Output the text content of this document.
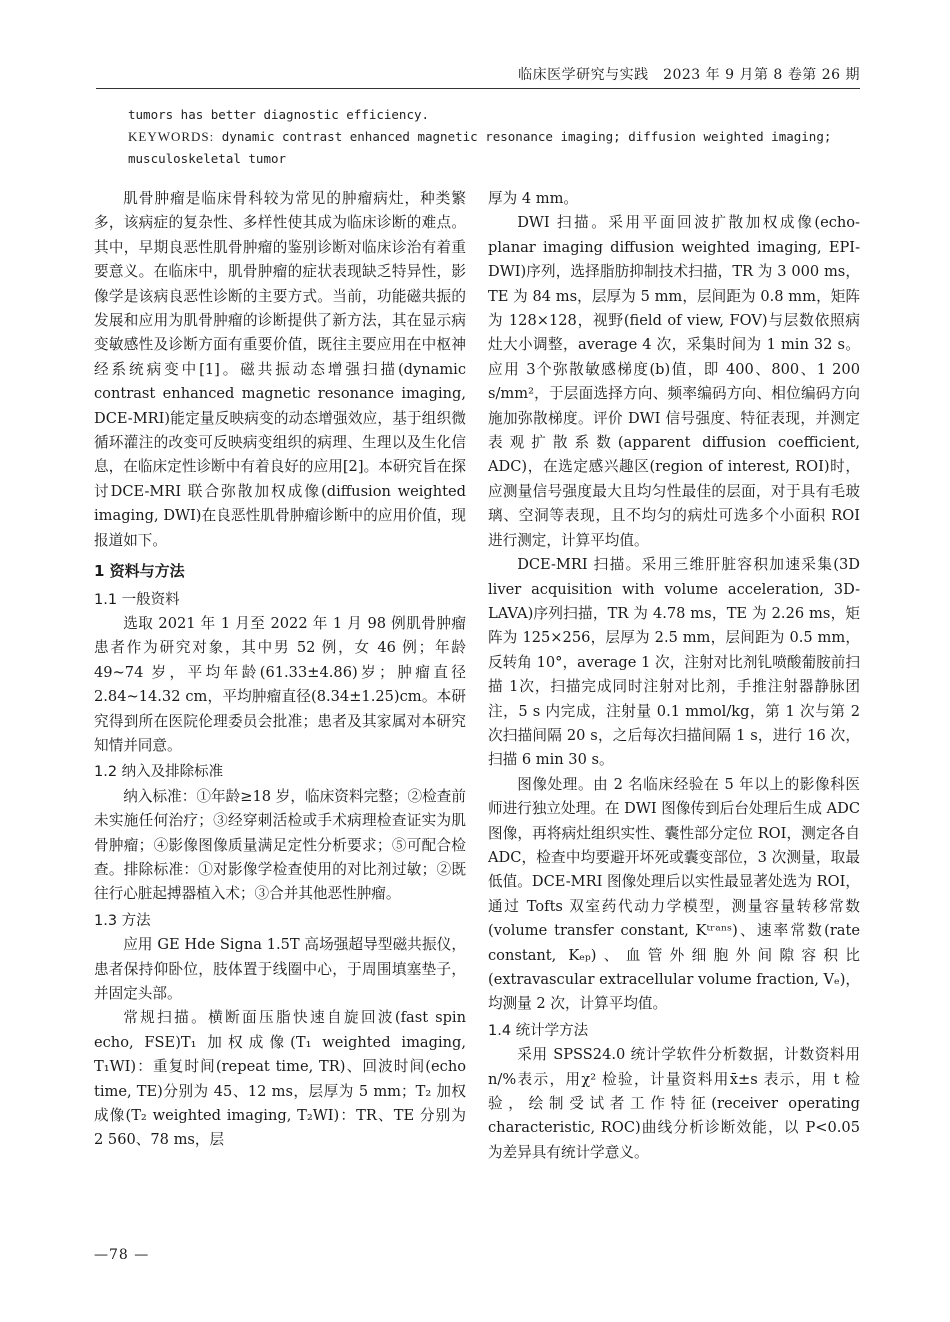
临床医学研究与实践　2023 年 9 月第 8 卷第 26 期

tumors has better diagnostic efficiency.

KEYWORDS: dynamic contrast enhanced magnetic resonance imaging; diffusion weighted imaging; musculoskeletal tumor

肌骨肿瘤是临床骨科较为常见的肿瘤病灶，种类繁多，该病症的复杂性、多样性使其成为临床诊断的难点。其中，早期良恶性肌骨肿瘤的鉴别诊断对临床诊治有着重要意义。在临床中，肌骨肿瘤的症状表现缺乏特异性，影像学是该病良恶性诊断的主要方式。当前，功能磁共振的发展和应用为肌骨肿瘤的诊断提供了新方法，其在显示病变敏感性及诊断方面有重要价值，既往主要应用在中枢神经系统病变中[1]。磁共振动态增强扫描(dynamic contrast enhanced magnetic resonance imaging, DCE-MRI)能定量反映病变的动态增强效应，基于组织微循环灌注的改变可反映病变组织的病理、生理以及生化信息，在临床定性诊断中有着良好的应用[2]。本研究旨在探讨DCE-MRI 联合弥散加权成像(diffusion weighted imaging, DWI)在良恶性肌骨肿瘤诊断中的应用价值，现报道如下。

1 资料与方法
1.1 一般资料

选取 2021 年 1 月至 2022 年 1 月 98 例肌骨肿瘤患者作为研究对象，其中男 52 例，女 46 例；年龄 49~74 岁，平均年龄(61.33±4.86)岁；肿瘤直径 2.84~14.32 cm，平均肿瘤直径(8.34±1.25)cm。本研究得到所在医院伦理委员会批准；患者及其家属对本研究知情并同意。

1.2 纳入及排除标准

纳入标准：①年龄≥18 岁，临床资料完整；②检查前未实施任何治疗；③经穿刺活检或手术病理检查证实为肌骨肿瘤；④影像图像质量满足定性分析要求；⑤可配合检查。排除标准：①对影像学检查使用的对比剂过敏；②既往行心脏起搏器植入术；③合并其他恶性肿瘤。

1.3 方法

应用 GE Hde Signa 1.5T 高场强超导型磁共振仪，患者保持仰卧位，肢体置于线圈中心，于周围填塞垫子，并固定头部。

常规扫描。横断面压脂快速自旋回波(fast spin echo, FSE)T₁ 加权成像(T₁ weighted imaging, T₁WI)：重复时间(repeat time, TR)、回波时间(echo time, TE)分别为 45、12 ms，层厚为 5 mm；T₂ 加权成像(T₂ weighted imaging, T₂WI)：TR、TE 分别为 2 560、78 ms，层

厚为 4 mm。

DWI 扫描。采用平面回波扩散加权成像(echo-planar imaging diffusion weighted imaging, EPI-DWI)序列，选择脂肪抑制技术扫描，TR 为 3 000 ms，TE 为 84 ms，层厚为 5 mm，层间距为 0.8 mm，矩阵为 128×128，视野(field of view, FOV)与层数依照病灶大小调整，average 4 次，采集时间为 1 min 32 s。应用 3个弥散敏感梯度(b)值，即 400、800、1 200 s/mm²，于层面选择方向、频率编码方向、相位编码方向施加弥散梯度。评价 DWI 信号强度、特征表现，并测定表观扩散系数(apparent diffusion coefficient, ADC)，在选定感兴趣区(region of interest, ROI)时，应测量信号强度最大且均匀性最佳的层面，对于具有毛玻璃、空洞等表现，且不均匀的病灶可选多个小面积 ROI 进行测定，计算平均值。

DCE-MRI 扫描。采用三维肝脏容积加速采集(3D liver acquisition with volume acceleration, 3D-LAVA)序列扫描，TR 为 4.78 ms，TE 为 2.26 ms，矩阵为 125×256，层厚为 2.5 mm，层间距为 0.5 mm，反转角 10°，average 1 次，注射对比剂钆喷酸葡胺前扫描 1次，扫描完成同时注射对比剂，手推注射器静脉团注，5 s 内完成，注射量 0.1 mmol/kg，第 1 次与第 2 次扫描间隔 20 s，之后每次扫描间隔 1 s，进行 16 次，扫描 6 min 30 s。

图像处理。由 2 名临床经验在 5 年以上的影像科医师进行独立处理。在 DWI 图像传到后台处理后生成 ADC 图像，再将病灶组织实性、囊性部分定位 ROI，测定各自 ADC，检查中均要避开坏死或囊变部位，3 次测量，取最低值。DCE-MRI 图像处理后以实性最显著处选为 ROI，通过 Tofts 双室药代动力学模型，测量容量转移常数(volume transfer constant, Kᵗʳᵃⁿˢ)、速率常数(rate constant, Kₑₚ)、血管外细胞外间隙容积比(extravascular extracellular volume fraction, Vₑ)，均测量 2 次，计算平均值。

1.4 统计学方法

采用 SPSS24.0 统计学软件分析数据，计数资料用 n/%表示，用χ² 检验，计量资料用x̄±s 表示，用 t 检验，绘制受试者工作特征(receiver operating characteristic, ROC)曲线分析诊断效能，以 P<0.05 为差异具有统计学意义。

—78 —
